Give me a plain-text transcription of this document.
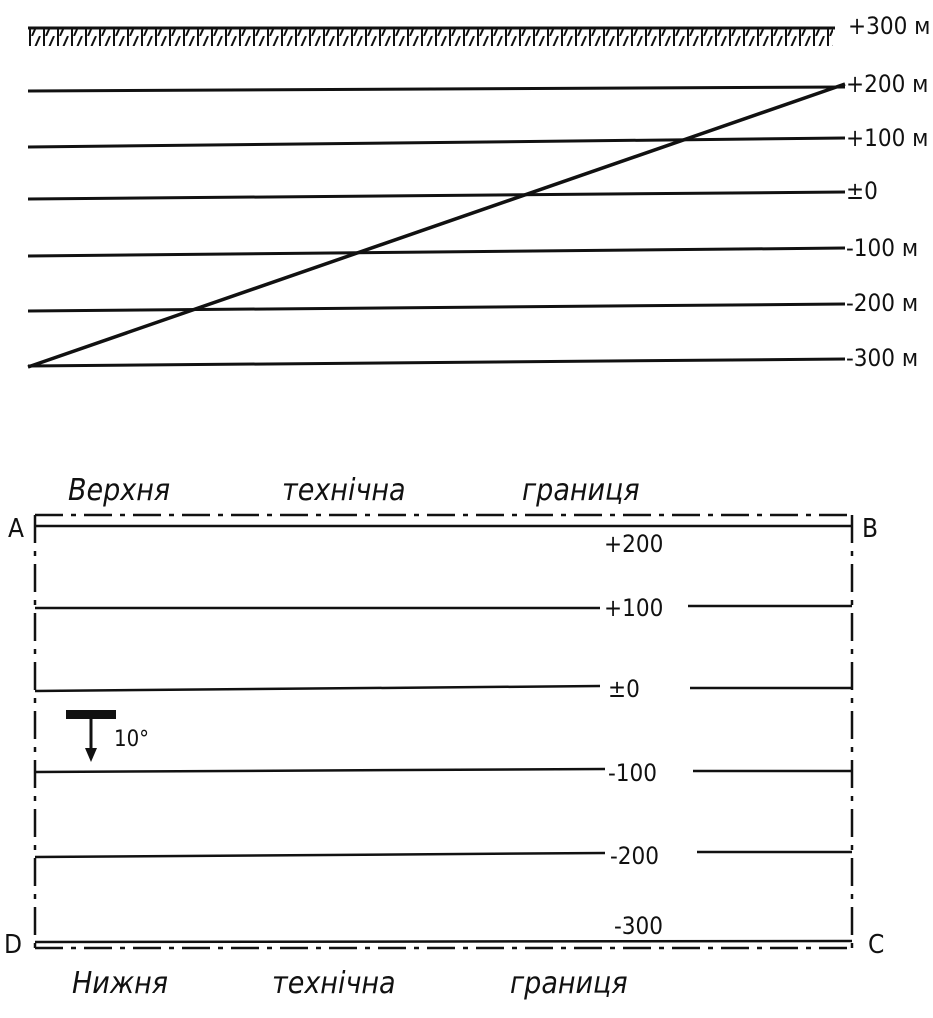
+300 м
+200 м
+100 м
±0
-100 м
-200 м
-300 м
Верхня	технічна	границя
A	B
C
D
+200
+100
±0
-100
-200
-300
10°
Нижня	технічна	границя
